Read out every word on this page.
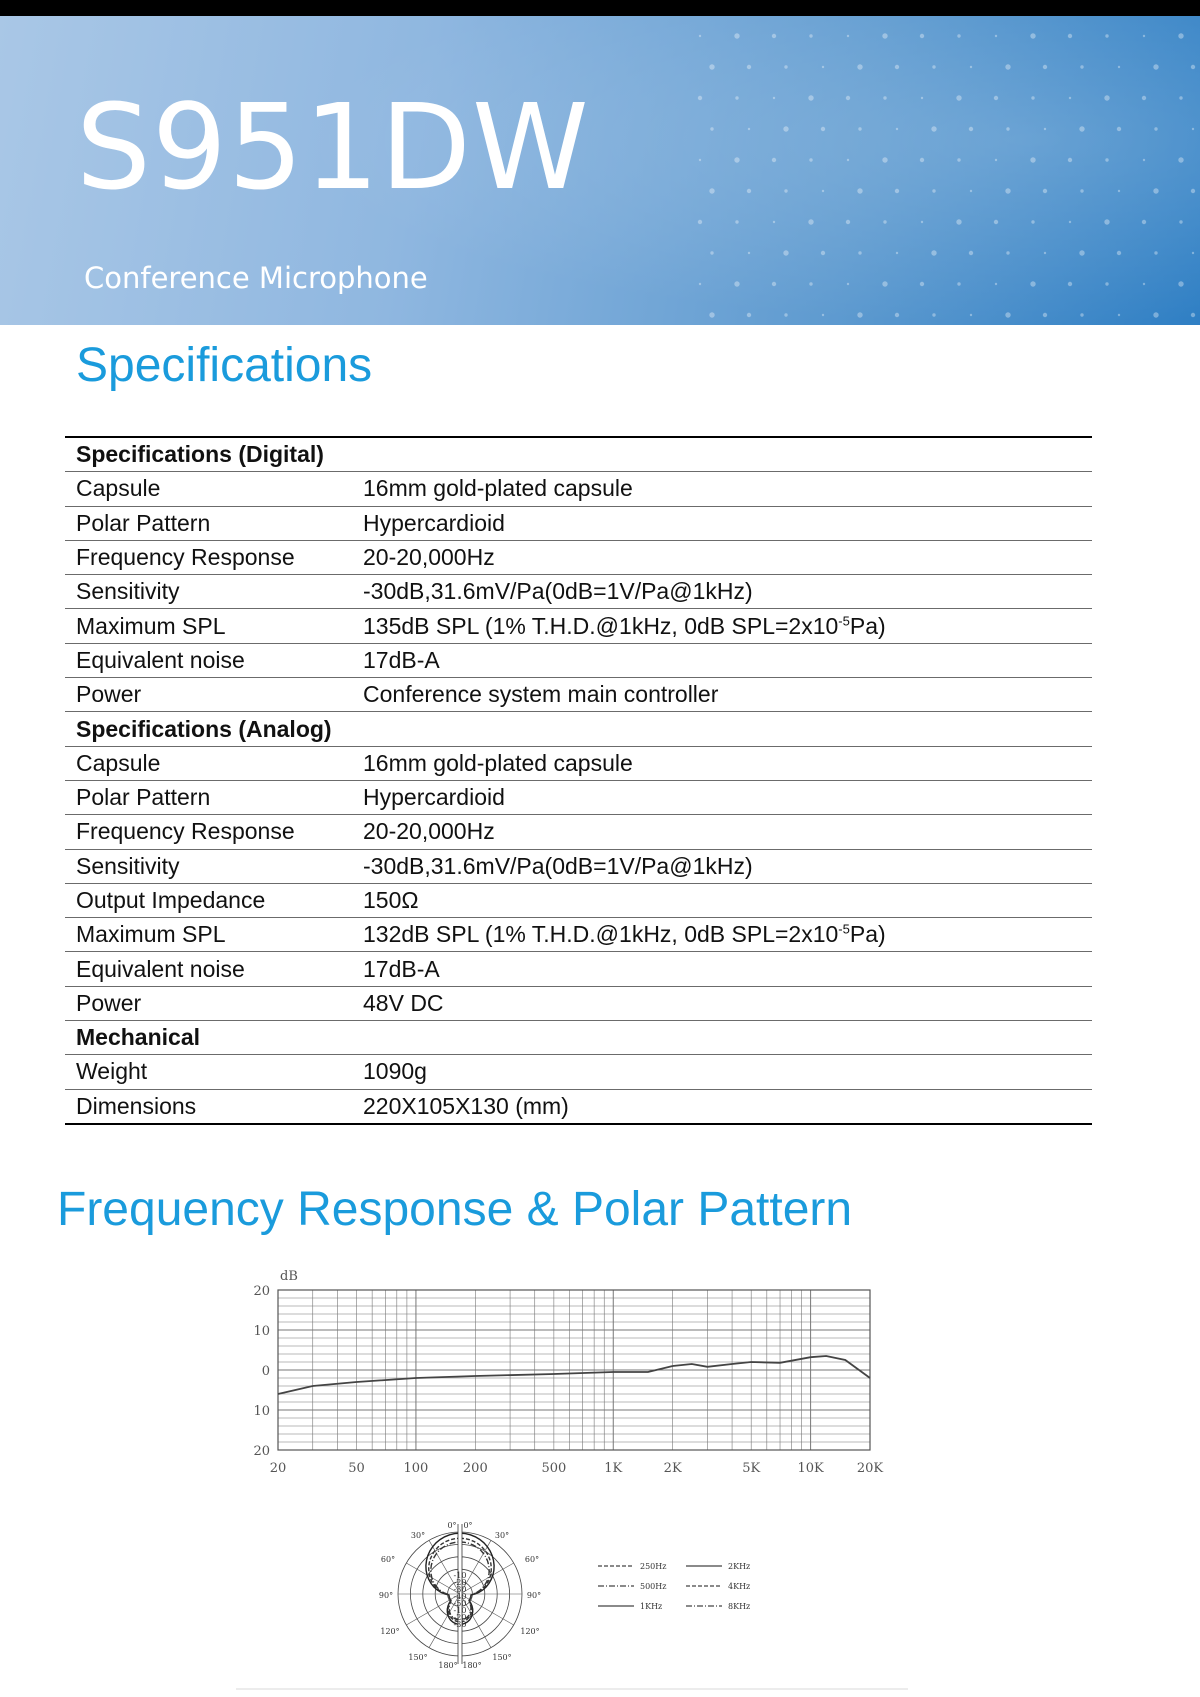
S951DW
Conference Microphone
Specifications
Specifications (Digital)	
Capsule	16mm gold-plated capsule
Polar Pattern	Hypercardioid
Frequency Response	20-20,000Hz
Sensitivity	-30dB,31.6mV/Pa(0dB=1V/Pa@1kHz)
Maximum SPL	135dB SPL (1% T.H.D.@1kHz, 0dB $SPL=2x10^{-5}Pa$)
Equivalent noise	17dB-A
Power	Conference system main controller
Specifications (Analog)	
Capsule	16mm gold-plated capsule
Polar Pattern	Hypercardioid
Frequency Response	20-20,000Hz
Sensitivity	-30dB,31.6mV/Pa(0dB=1V/Pa@1kHz)
Output Impedance	150Ω
Maximum SPL	132dB SPL (1% T.H.D.@1kHz, 0dB $SPL=2x10^{-5}Pa$)
Equivalent noise	17dB-A
Power	48V DC
Mechanical	
Weight	1090g
Dimensions	220X105X130 (mm)
Frequency Response & Polar Pattern
20
10
0
10
20
dB
20	50	100	200	500	1K	2K	5K	10K	20K
0° 0°
30°	30°
60°	60°
90°	90°
120°	120°
150°	150°
180° 180°
-10
-20
-30
-40
-50
-10
-20
-30
250Hz
500Hz
1KHz
2KHz
4KHz
8KHz
